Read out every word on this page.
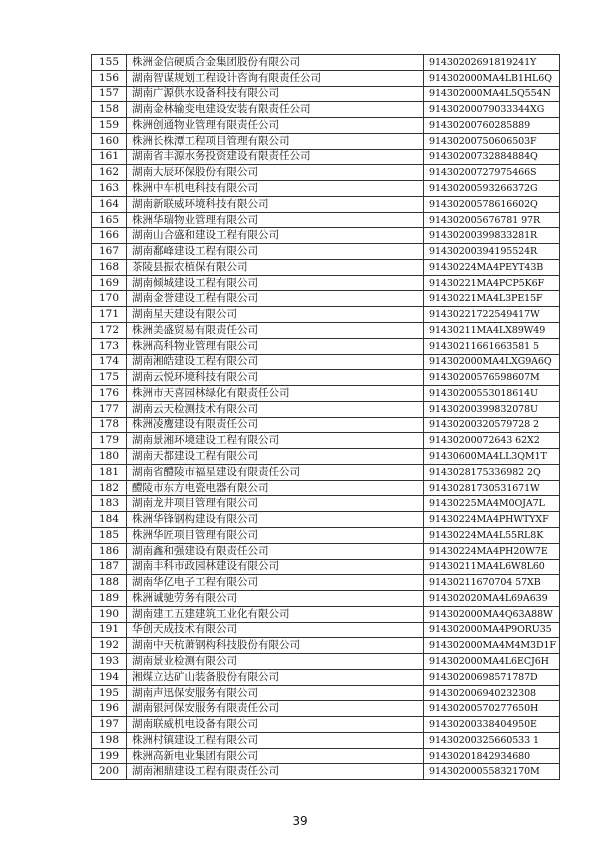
155	株洲金信硬质合金集团股份有限公司	91430202691819241Y
156	湖南智谋规划工程设计咨询有限责任公司	914302000MA4LB1HL6Q
157	湖南广源供水设备科技有限公司	914302000MA4L5Q554N
158	湖南金林输变电建设安装有限责任公司	91430200079033344XG
159	株洲创通物业管理有限责任公司	91430200760285889
160	株洲长株潭工程项目管理有限公司	91430200750606503F
161	湖南省丰源水务投资建设有限责任公司	91430200732884884Q
162	湖南大辰环保股份有限公司	91430200727975466S
163	株洲中车机电科技有限公司	91430200593266372G
164	湖南新联威环境科技有限公司	91430200578616602Q
165	株洲华瑞物业管理有限公司	914302005676781 97R
166	湖南山合盛和建设工程有限公司	91430200399833281R
167	湖南鄱峰建设工程有限公司	91430200394195524R
168	茶陵县振农植保有限公司	91430224MA4PEYT43B
169	湖南倾城建设工程有限公司	91430221MA4PCP5K6F
170	湖南金誉建设工程有限公司	91430221MA4L3PE15F
171	湖南星天建设有限公司	91430221722549417W
172	株洲美盛贸易有限责任公司	91430211MA4LX89W49
173	株洲高科物业管理有限公司	91430211661663581 5
174	湖南湘皓建设工程有限公司	914302000MA4LXG9A6Q
175	湖南云悦环境科技有限公司	91430200576598607M
176	株洲市天喜园林绿化有限责任公司	91430200553018614U
177	湖南云天检测技术有限公司	91430200399832078U
178	株洲凌鹰建设有限责任公司	91430200320579728 2
179	湖南景湘环境建设工程有限公司	91430200072643 62X2
180	湖南天都建设工程有限公司	91430600MA4LL3QM1T
181	湖南省醴陵市福星建设有限责任公司	9143028175336982 2Q
182	醴陵市东方电瓷电器有限公司	91430281730531671W
183	湖南龙井项目管理有限公司	91430225MA4M0OJA7L
184	株洲华锋钢构建设有限公司	91430224MA4PHWTYXF
185	株洲华匠项目管理有限公司	91430224MA4L55RL8K
186	湖南鑫和强建设有限责任公司	91430224MA4PH20W7E
187	湖南丰科市政园林建设有限公司	91430211MA4L6W8L60
188	湖南华亿电子工程有限公司	91430211670704 57XB
189	株洲诚驰劳务有限公司	914302020MA4L69A639
190	湖南建工五建建筑工业化有限公司	914302000MA4Q63A88W
191	华创天成技术有限公司	914302000MA4P9ORU35
192	湖南中天杭萧钢构科技股份有限公司	914302000MA4M4M3D1F
193	湖南景业检测有限公司	914302000MA4L6ECJ6H
194	湘煤立达矿山装备股份有限公司	91430200698571787D
195	湖南声迅保安服务有限公司	914302006940232308
196	湖南银河保安服务有限责任公司	91430200570277650H
197	湖南联威机电设备有限公司	91430200338404950E
198	株洲村镇建设工程有限公司	91430200325660533 1
199	株洲高新电业集团有限公司	91430201842934680
200	湖南湘鼎建设工程有限责任公司	91430200055832170M
39
